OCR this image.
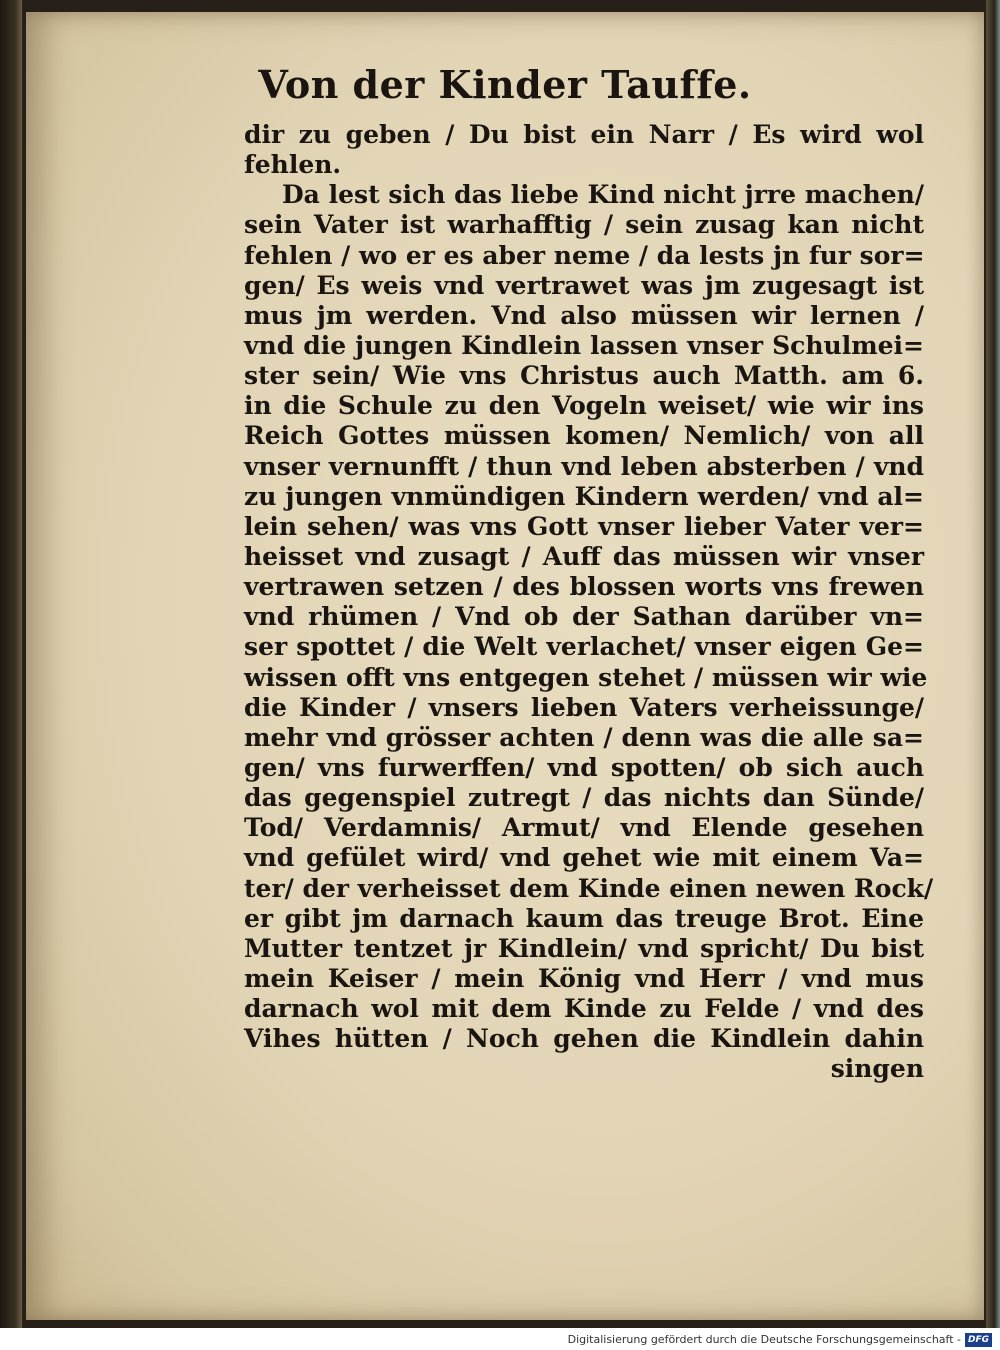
Von der Kinder Tauffe.
dir zu geben / Du bist ein Narr / Es wird wol
fehlen.
Da lest sich das liebe Kind nicht jrre machen/
sein Vater ist warhafftig / sein zusag kan nicht
fehlen / wo er es aber neme / da lests jn fur sor=
gen/ Es weis vnd vertrawet was jm zugesagt ist
mus jm werden. Vnd also müssen wir lernen /
vnd die jungen Kindlein lassen vnser Schulmei=
ster sein/ Wie vns Christus auch Matth. am 6.
in die Schule zu den Vogeln weiset/ wie wir ins
Reich Gottes müssen komen/ Nemlich/ von all
vnser vernunfft / thun vnd leben absterben / vnd
zu jungen vnmündigen Kindern werden/ vnd al=
lein sehen/ was vns Gott vnser lieber Vater ver=
heisset vnd zusagt / Auff das müssen wir vnser
vertrawen setzen / des blossen worts vns frewen
vnd rhümen / Vnd ob der Sathan darüber vn=
ser spottet / die Welt verlachet/ vnser eigen Ge=
wissen offt vns entgegen stehet / müssen wir wie
die Kinder / vnsers lieben Vaters verheissunge/
mehr vnd grösser achten / denn was die alle sa=
gen/ vns furwerffen/ vnd spotten/ ob sich auch
das gegenspiel zutregt / das nichts dan Sünde/
Tod/ Verdamnis/ Armut/ vnd Elende gesehen
vnd gefület wird/ vnd gehet wie mit einem Va=
ter/ der verheisset dem Kinde einen newen Rock/
er gibt jm darnach kaum das treuge Brot. Eine
Mutter tentzet jr Kindlein/ vnd spricht/ Du bist
mein Keiser / mein König vnd Herr / vnd mus
darnach wol mit dem Kinde zu Felde / vnd des
Vihes hütten / Noch gehen die Kindlein dahin
singen
Digitalisierung gefördert durch die Deutsche Forschungsgemeinschaft - DFG
